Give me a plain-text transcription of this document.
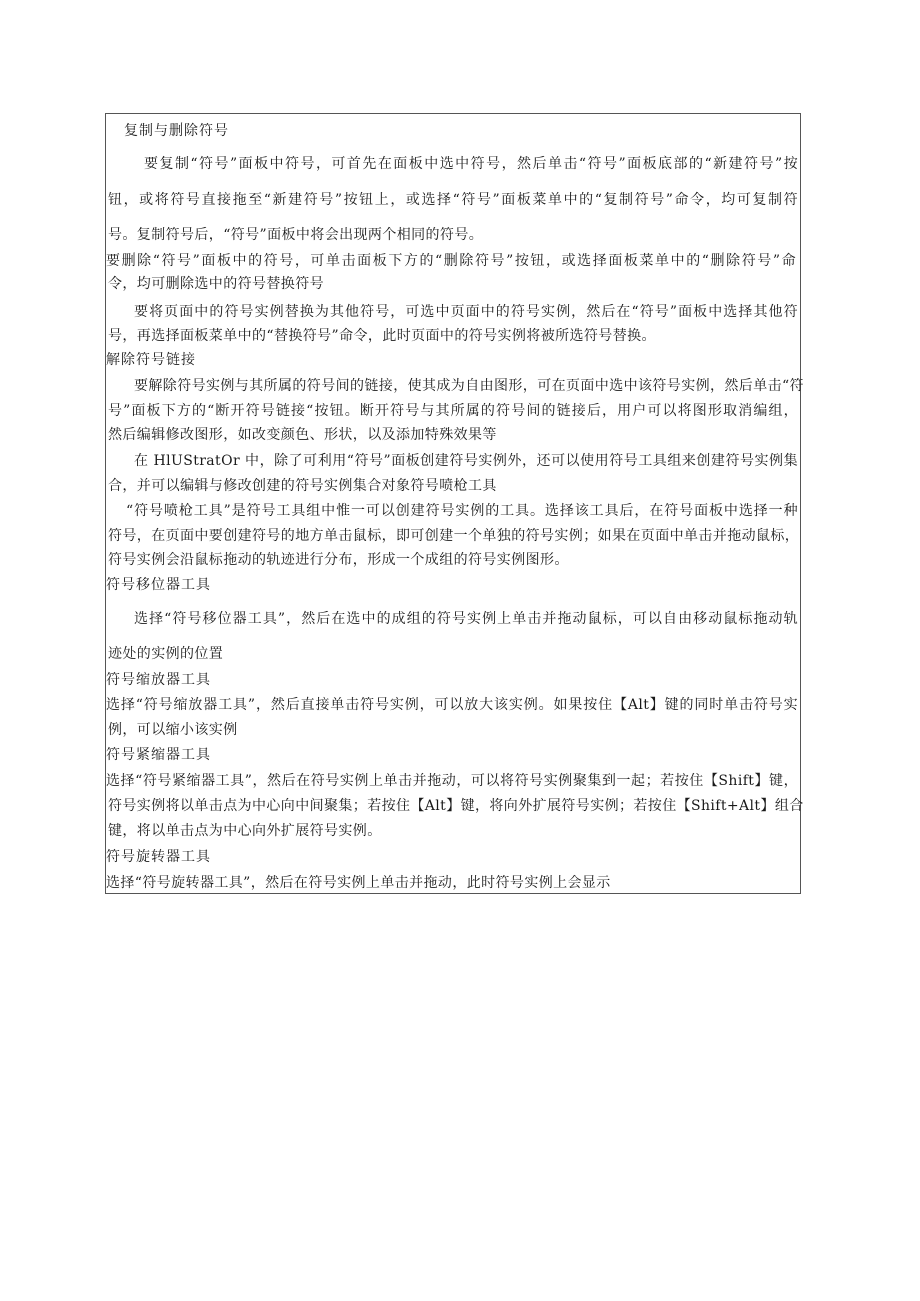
复制与删除符号
要复制“符号”面板中符号，可首先在面板中选中符号，然后单击“符号”面板底部的“新建符号”按
钮，或将符号直接拖至“新建符号”按钮上，或选择“符号”面板菜单中的“复制符号”命令，均可复制符
号。复制符号后，“符号”面板中将会出现两个相同的符号。
要删除“符号”面板中的符号，可单击面板下方的“删除符号”按钮，或选择面板菜单中的“删除符号”命
令，均可删除选中的符号替换符号
要将页面中的符号实例替换为其他符号，可选中页面中的符号实例，然后在“符号”面板中选择其他符
号，再选择面板菜单中的“替换符号”命令，此时页面中的符号实例将被所选符号替换。
解除符号链接
要解除符号实例与其所属的符号间的链接，使其成为自由图形，可在页面中选中该符号实例，然后单击“符
号”面板下方的“断开符号链接“按钮。断开符号与其所属的符号间的链接后，用户可以将图形取消编组，
然后编辑修改图形，如改变颜色、形状，以及添加特殊效果等
在 HlUStratOr 中，除了可利用“符号”面板创建符号实例外，还可以使用符号工具组来创建符号实例集
合，并可以编辑与修改创建的符号实例集合对象符号喷枪工具
“符号喷枪工具”是符号工具组中惟一可以创建符号实例的工具。选择该工具后，在符号面板中选择一种
符号，在页面中要创建符号的地方单击鼠标，即可创建一个单独的符号实例；如果在页面中单击并拖动鼠标，
符号实例会沿鼠标拖动的轨迹进行分布，形成一个成组的符号实例图形。
符号移位器工具
选择“符号移位器工具”，然后在选中的成组的符号实例上单击并拖动鼠标，可以自由移动鼠标拖动轨
迹处的实例的位置
符号缩放器工具
选择“符号缩放器工具”，然后直接单击符号实例，可以放大该实例。如果按住【Alt】键的同时单击符号实
例，可以缩小该实例
符号紧缩器工具
选择“符号紧缩器工具”，然后在符号实例上单击并拖动，可以将符号实例聚集到一起；若按住【Shift】键，
符号实例将以单击点为中心向中间聚集；若按住【Alt】键，将向外扩展符号实例；若按住【Shift+Alt】组合
键，将以单击点为中心向外扩展符号实例。
符号旋转器工具
选择“符号旋转器工具”，然后在符号实例上单击并拖动，此时符号实例上会显示
